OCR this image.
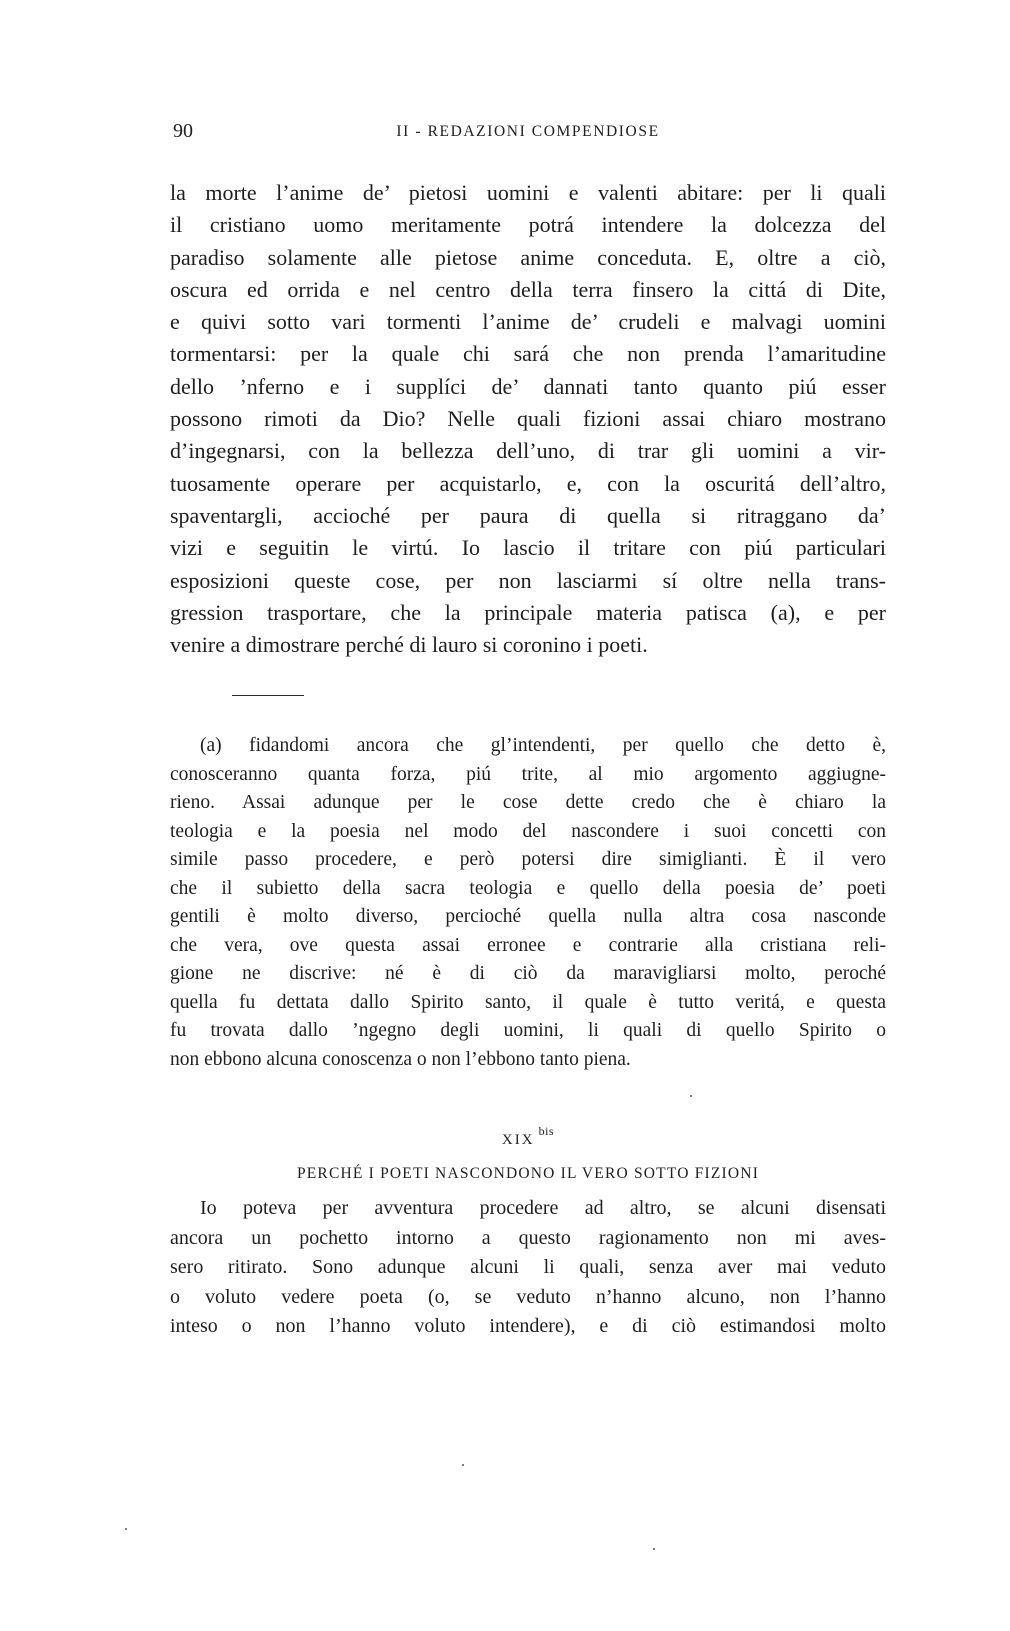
90	II - REDAZIONI COMPENDIOSE
la morte l’anime de’ pietosi uomini e valenti abitare: per li quali
il cristiano uomo meritamente potrá intendere la dolcezza del
paradiso solamente alle pietose anime conceduta. E, oltre a ciò,
oscura ed orrida e nel centro della terra finsero la cittá di Dite,
e quivi sotto vari tormenti l’anime de’ crudeli e malvagi uomini
tormentarsi: per la quale chi sará che non prenda l’amaritudine
dello ’nferno e i supplíci de’ dannati tanto quanto piú esser
possono rimoti da Dio? Nelle quali fizioni assai chiaro mostrano
d’ingegnarsi, con la bellezza dell’uno, di trar gli uomini a vir-
tuosamente operare per acquistarlo, e, con la oscuritá dell’altro,
spaventargli, accioché per paura di quella si ritraggano da’
vizi e seguitin le virtú. Io lascio il tritare con piú particulari
esposizioni queste cose, per non lasciarmi sí oltre nella trans-
gression trasportare, che la principale materia patisca (a), e per
venire a dimostrare perché di lauro si coronino i poeti.
(a) fidandomi ancora che gl’intendenti, per quello che detto è,
conosceranno quanta forza, piú trite, al mio argomento aggiugne-
rieno. Assai adunque per le cose dette credo che è chiaro la
teologia e la poesia nel modo del nascondere i suoi concetti con
simile passo procedere, e però potersi dire simiglianti. È il vero
che il subietto della sacra teologia e quello della poesia de’ poeti
gentili è molto diverso, percioché quella nulla altra cosa nasconde
che vera, ove questa assai erronee e contrarie alla cristiana reli-
gione ne discrive: né è di ciò da maravigliarsi molto, peroché
quella fu dettata dallo Spirito santo, il quale è tutto veritá, e questa
fu trovata dallo ’ngegno degli uomini, li quali di quello Spirito o
non ebbono alcuna conoscenza o non l’ebbono tanto piena.
$XIX^{bis}$
PERCHÉ I POETI NASCONDONO IL VERO SOTTO FIZIONI
Io poteva per avventura procedere ad altro, se alcuni disensati
ancora un pochetto intorno a questo ragionamento non mi aves-
sero ritirato. Sono adunque alcuni li quali, senza aver mai veduto
o voluto vedere poeta (o, se veduto n’hanno alcuno, non l’hanno
inteso o non l’hanno voluto intendere), e di ciò estimandosi molto
